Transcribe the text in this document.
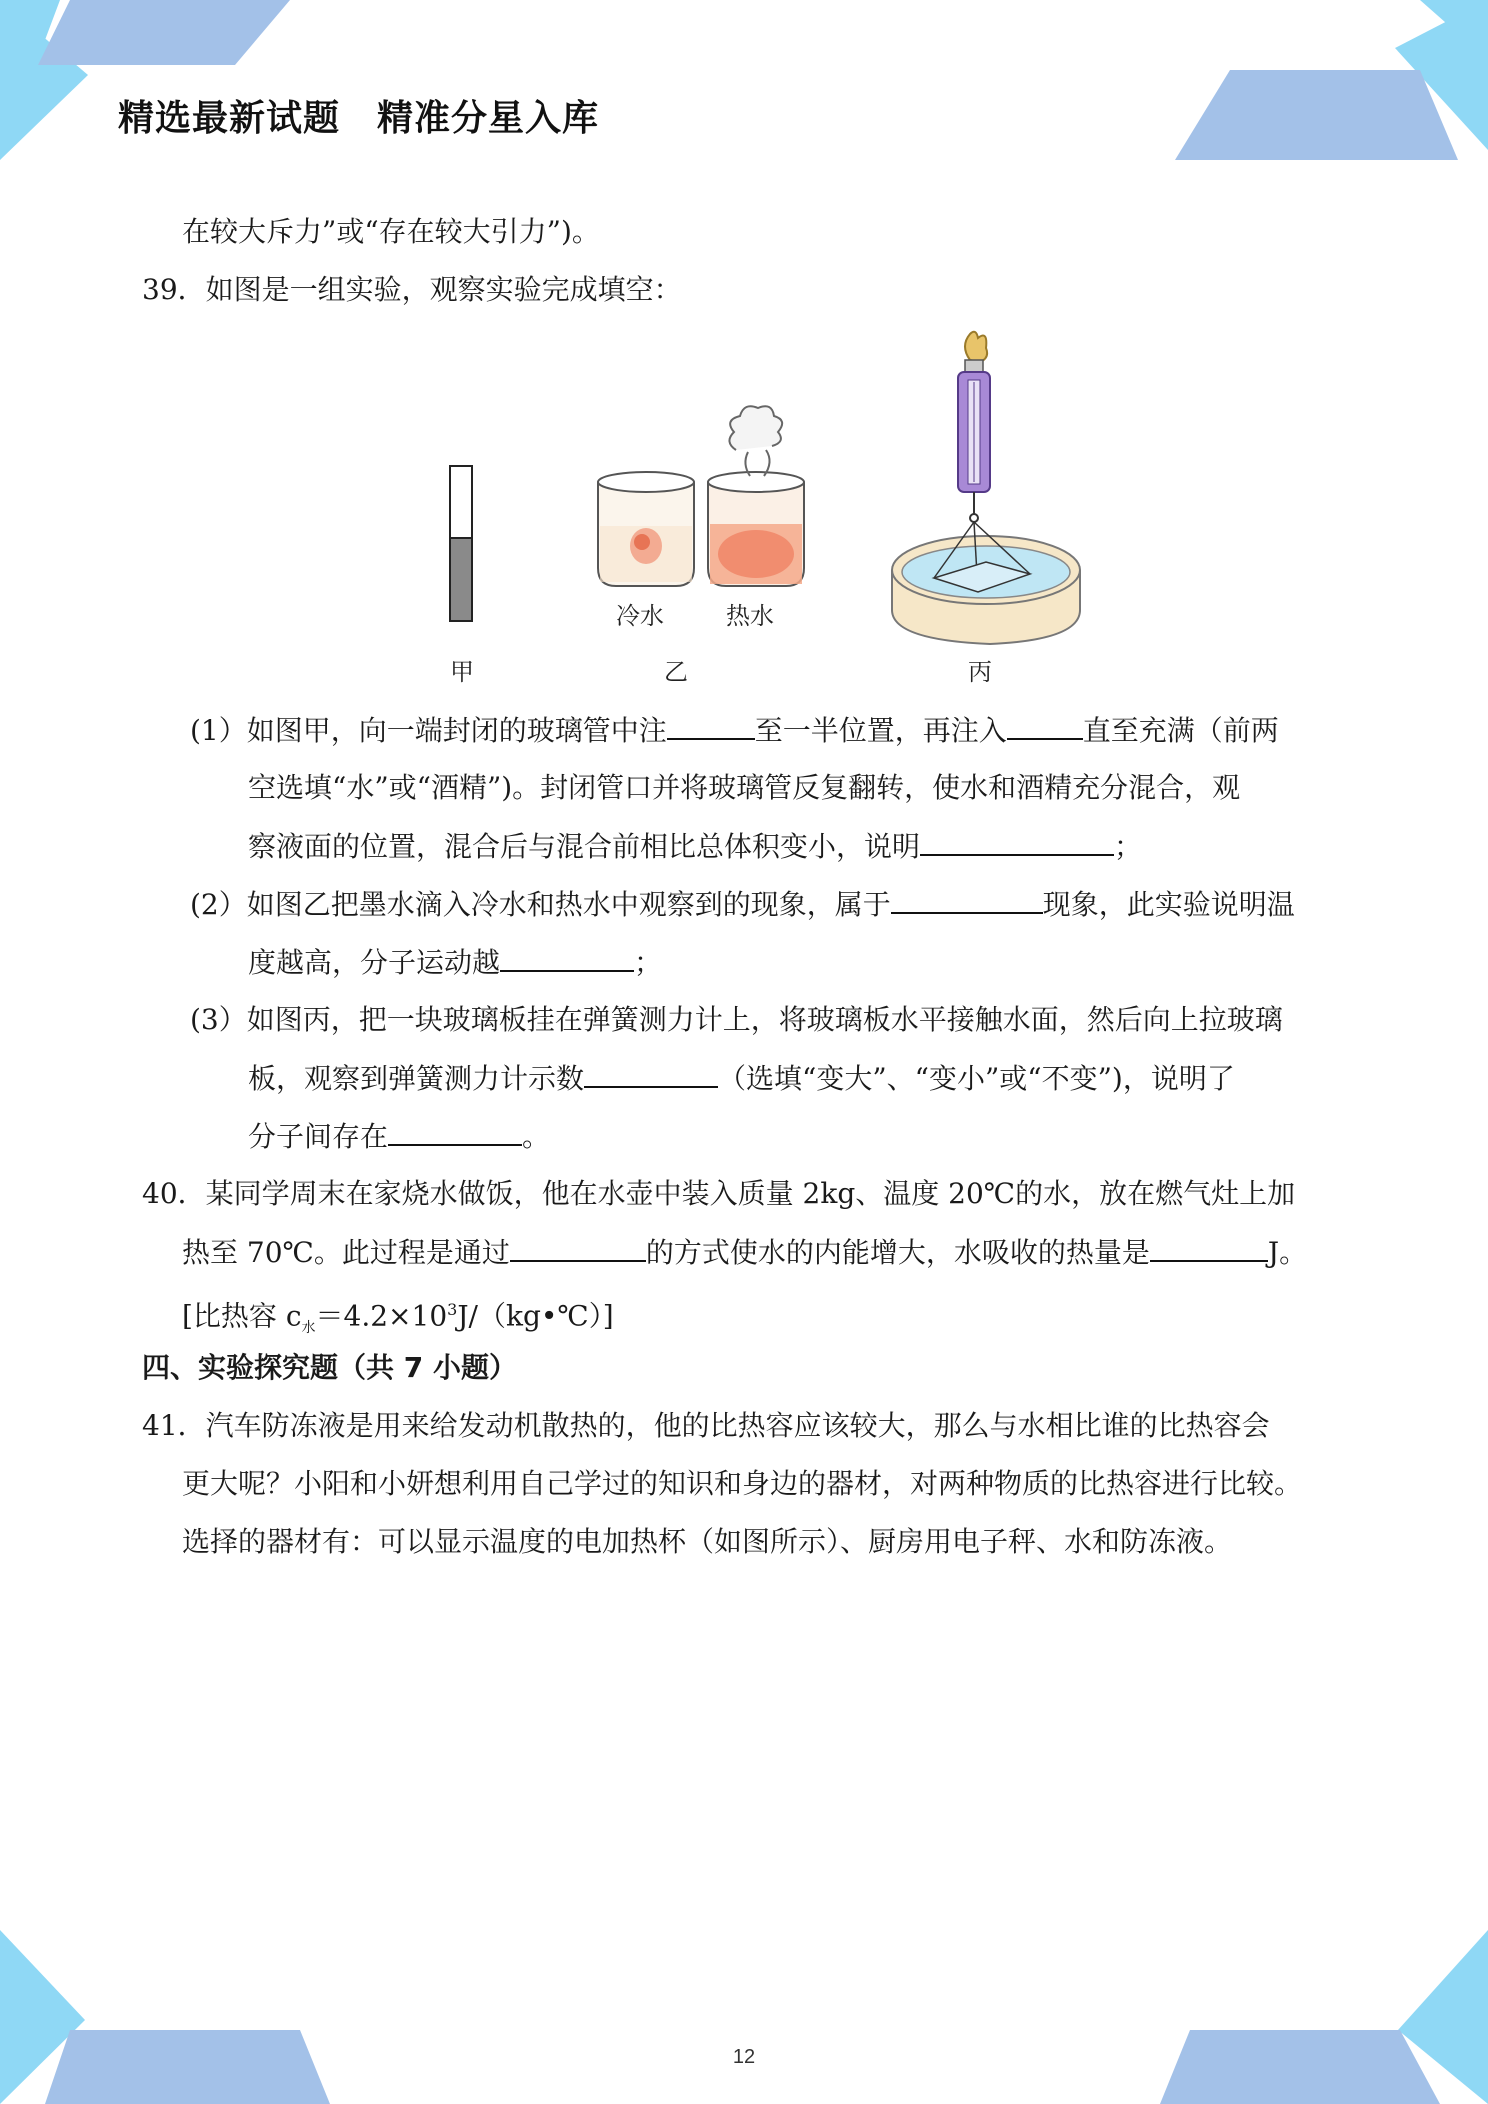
精选最新试题　精准分星入库
在较大斥力”或“存在较大引力”)。
39．如图是一组实验，观察实验完成填空：
冷水	热水
甲	乙	丙
(1）如图甲，向一端封闭的玻璃管中注	至一半位置，再注入	直至充满（前两
空选填“水”或“酒精”)。封闭管口并将玻璃管反复翻转，使水和酒精充分混合，观
察液面的位置，混合后与混合前相比总体积变小，说明	；
(2）如图乙把墨水滴入冷水和热水中观察到的现象，属于	现象，此实验说明温
度越高，分子运动越	；
(3）如图丙，把一块玻璃板挂在弹簧测力计上，将玻璃板水平接触水面，然后向上拉玻璃
板，观察到弹簧测力计示数	（选填“变大”、“变小”或“不变”)，说明了
分子间存在	。
40．某同学周末在家烧水做饭，他在水壶中装入质量 2kg、温度 20℃的水，放在燃气灶上加
热至 70℃。此过程是通过	的方式使水的内能增大，水吸收的热量是	J。
[比热容 $c_水=4.2\times 10^3J/(kg•℃)$]
四、实验探究题（共 7 小题）
41．汽车防冻液是用来给发动机散热的，他的比热容应该较大，那么与水相比谁的比热容会
更大呢？小阳和小妍想利用自己学过的知识和身边的器材，对两种物质的比热容进行比较。
选择的器材有：可以显示温度的电加热杯（如图所示）、厨房用电子秤、水和防冻液。
12
